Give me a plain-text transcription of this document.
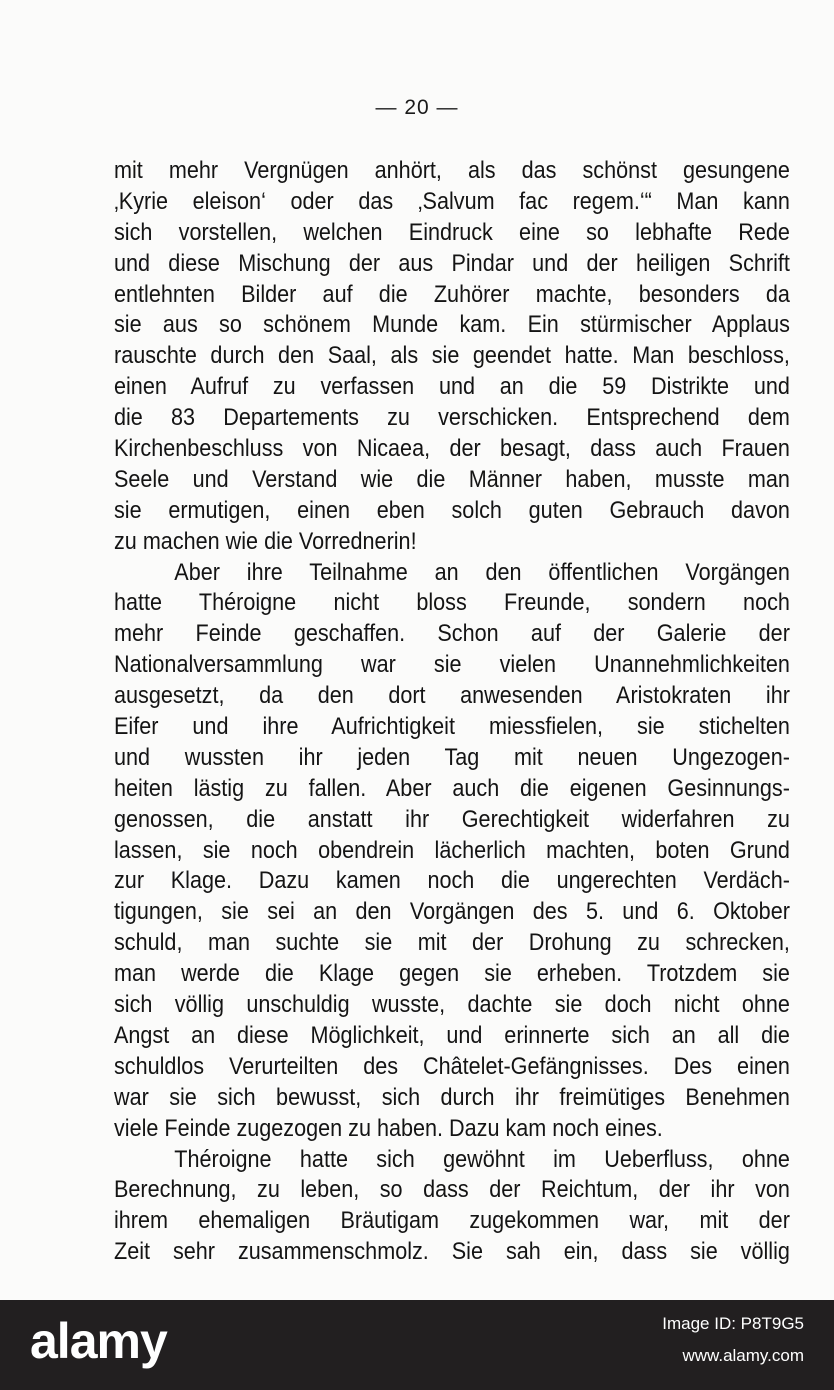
— 20 —
mit mehr Vergnügen anhört, als das schönst gesungene
‚Kyrie eleison‘ oder das ‚Salvum fac regem.‘“ Man kann
sich vorstellen, welchen Eindruck eine so lebhafte Rede
und diese Mischung der aus Pindar und der heiligen Schrift
entlehnten Bilder auf die Zuhörer machte, besonders da
sie aus so schönem Munde kam. Ein stürmischer Applaus
rauschte durch den Saal, als sie geendet hatte. Man beschloss,
einen Aufruf zu verfassen und an die 59 Distrikte und
die 83 Departements zu verschicken. Entsprechend dem
Kirchenbeschluss von Nicaea, der besagt, dass auch Frauen
Seele und Verstand wie die Männer haben, musste man
sie ermutigen, einen eben solch guten Gebrauch davon
zu machen wie die Vorrednerin!
Aber ihre Teilnahme an den öffentlichen Vorgängen
hatte Théroigne nicht bloss Freunde, sondern noch
mehr Feinde geschaffen. Schon auf der Galerie der
Nationalversammlung war sie vielen Unannehmlichkeiten
ausgesetzt, da den dort anwesenden Aristokraten ihr
Eifer und ihre Aufrichtigkeit miessfielen, sie stichelten
und wussten ihr jeden Tag mit neuen Ungezogen-
heiten lästig zu fallen. Aber auch die eigenen Gesinnungs-
genossen, die anstatt ihr Gerechtigkeit widerfahren zu
lassen, sie noch obendrein lächerlich machten, boten Grund
zur Klage. Dazu kamen noch die ungerechten Verdäch-
tigungen, sie sei an den Vorgängen des 5. und 6. Oktober
schuld, man suchte sie mit der Drohung zu schrecken,
man werde die Klage gegen sie erheben. Trotzdem sie
sich völlig unschuldig wusste, dachte sie doch nicht ohne
Angst an diese Möglichkeit, und erinnerte sich an all die
schuldlos Verurteilten des Châtelet-Gefängnisses. Des einen
war sie sich bewusst, sich durch ihr freimütiges Benehmen
viele Feinde zugezogen zu haben. Dazu kam noch eines.
Théroigne hatte sich gewöhnt im Ueberfluss, ohne
Berechnung, zu leben, so dass der Reichtum, der ihr von
ihrem ehemaligen Bräutigam zugekommen war, mit der
Zeit sehr zusammenschmolz. Sie sah ein, dass sie völlig
alamy	Image ID: P8T9G5
www.alamy.com
